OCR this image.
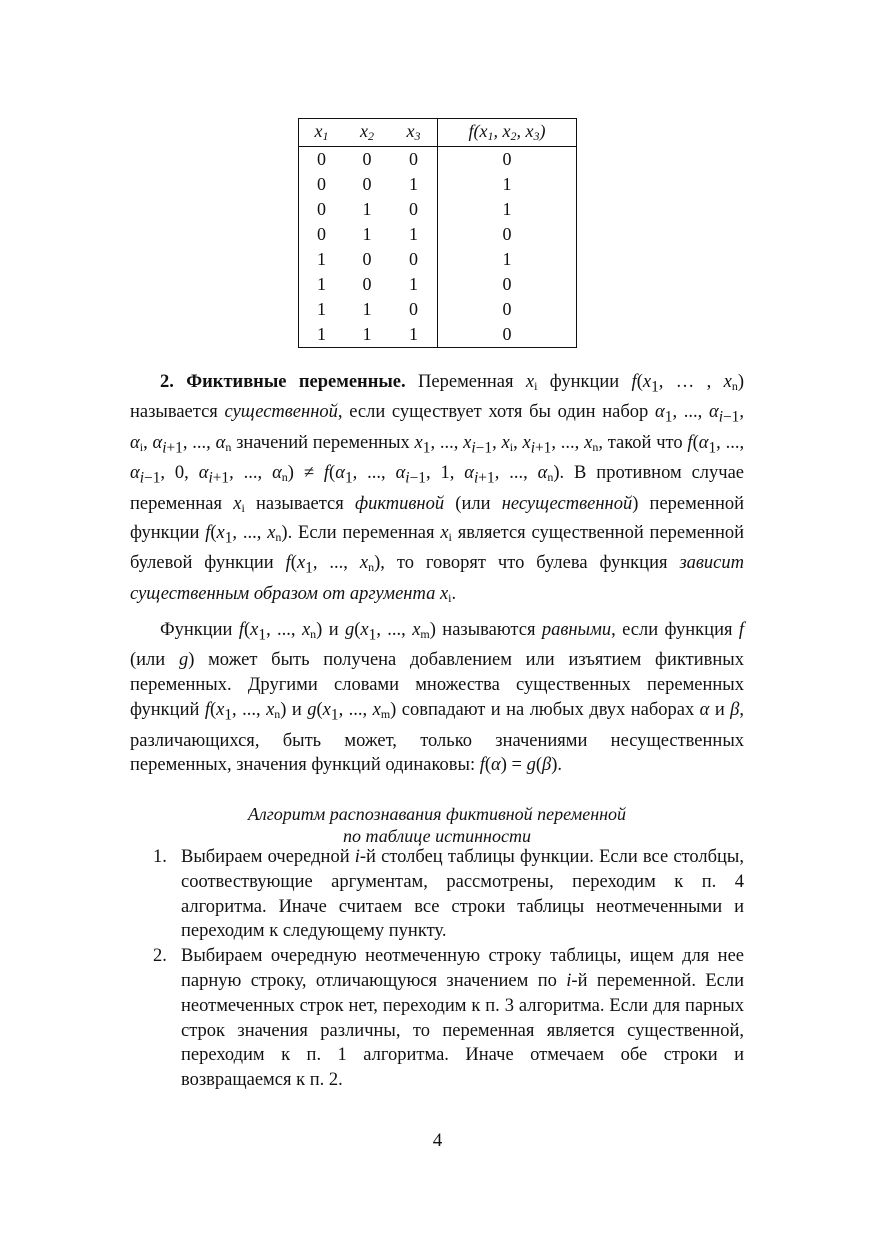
$x_1$	$x_2$	$x_3$	$f(x_1$, $x_2$, $x_3$)
0	0	0	0
0	0	1	1
0	1	0	1
0	1	1	0
1	0	0	1
1	0	1	0
1	1	0	0
1	1	1	0
2. Фиктивные переменные. Переменная $x_i$ функции $f(x_1$, … , $x_n$) называется существенной, если существует хотя бы один набор $\alpha_1$, ..., $\alpha_{i-1}$, $\alpha_i$, $\alpha_{i+1}$, ..., $\alpha_n$ значений переменных $x_1$, ..., $x_{i-1}$, $x_i$, $x_{i+1}$, ..., $x_n$, такой что $f(\alpha_1$, ..., $\alpha_{i-1}$, 0, $\alpha_{i+1}$, ..., $\alpha_n) \ne f(\alpha_1$, ..., $\alpha_{i-1}$, 1, $\alpha_{i+1}$, ..., $\alpha_n$). В противном случае переменная $x_i$ называется фиктивной (или несущественной) переменной функции $f(x_1$, ..., $x_n$). Если переменная $x_i$ является существенной переменной булевой функции $f(x_1$, ..., $x_n$), то говорят что булева функция зависит существенным образом от аргумента $x_i$.
Функции $f(x_1$, ..., $x_n$) и $g(x_1$, ..., $x_m$) называются равными, если функция f (или g) может быть получена добавлением или изъятием фиктивных переменных. Другими словами множества существенных переменных функций $f(x_1$, ..., $x_n$) и $g(x_1$, ..., $x_m$) совпадают и на любых двух наборах α и β, различающихся, быть может, только значениями несущественных переменных, значения функций одинаковы: f(α) = g(β).
Алгоритм распознавания фиктивной переменной
по таблице истинности
1. Выбираем очередной i-й столбец таблицы функции. Если все столбцы, соотвествующие аргументам, рассмотрены, переходим к п. 4 алгоритма. Иначе считаем все строки таблицы неотмеченными и переходим к следующему пункту.
2. Выбираем очередную неотмеченную строку таблицы, ищем для нее парную строку, отличающуюся значением по i-й переменной. Если неотмеченных строк нет, переходим к п. 3 алгоритма. Если для парных строк значения различны, то переменная является существенной, переходим к п. 1 алгоритма. Иначе отмечаем обе строки и возвращаемся к п. 2.
4
